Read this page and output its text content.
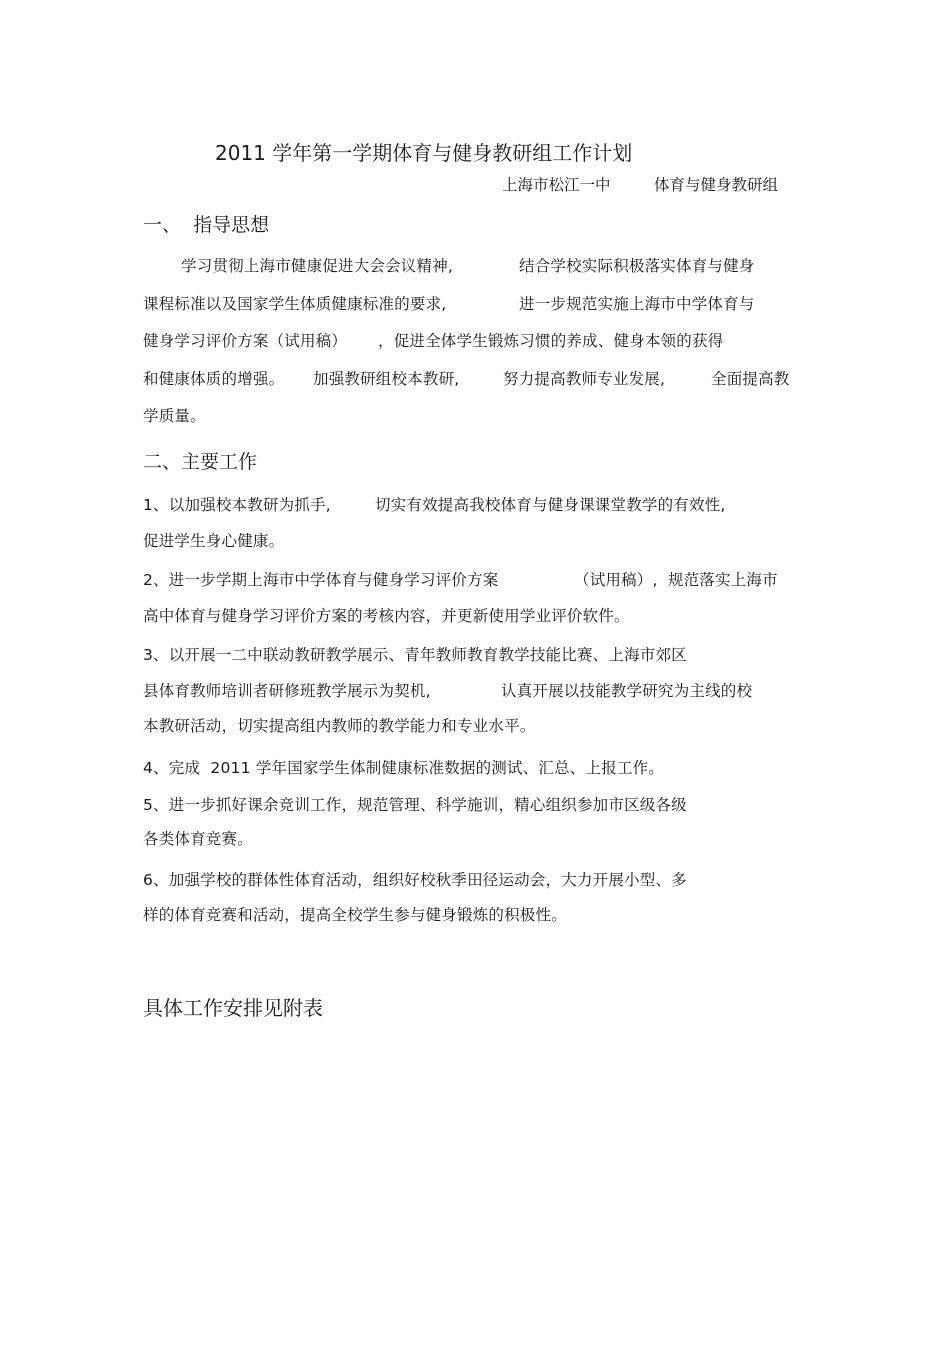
2011 学年第一学期体育与健身教研组工作计划
上海市松江一中	体育与健身教研组
一、  指导思想
学习贯彻上海市健康促进大会会议精神,	结合学校实际积极落实体育与健身
课程标准以及国家学生体质健康标准的要求,	进一步规范实施上海市中学体育与
健身学习评价方案（试用稿） ，促进全体学生锻炼习惯的养成、健身本领的获得
和健康体质的增强。 加强教研组校本教研,	努力提高教师专业发展,	全面提高教
学质量。
二、主要工作
1、以加强校本教研为抓手,	切实有效提高我校体育与健身课课堂教学的有效性,
促进学生身心健康。
2、进一步学期上海市中学体育与健身学习评价方案	（试用稿）,  规范落实上海市
高中体育与健身学习评价方案的考核内容，并更新使用学业评价软件。
3、以开展一二中联动教研教学展示、青年教师教育教学技能比赛、上海市郊区
县体育教师培训者研修班教学展示为契机,	认真开展以技能教学研究为主线的校
本教研活动，切实提高组内教师的教学能力和专业水平。
4、完成  2011 学年国家学生体制健康标准数据的测试、汇总、上报工作。
5、进一步抓好课余竞训工作，规范管理、科学施训，精心组织参加市区级各级
各类体育竞赛。
6、加强学校的群体性体育活动，组织好校秋季田径运动会，大力开展小型、多
样的体育竞赛和活动，提高全校学生参与健身锻炼的积极性。
具体工作安排见附表
